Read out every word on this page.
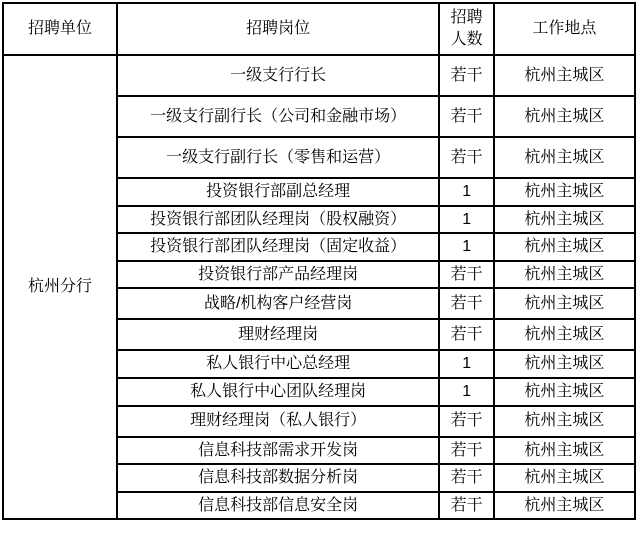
招聘单位	招聘岗位	招聘人数	工作地点
杭州分行	一级支行行长	若干	杭州主城区
	一级支行副行长（公司和金融市场）	若干	杭州主城区
	一级支行副行长（零售和运营）	若干	杭州主城区
	投资银行部副总经理	1	杭州主城区
	投资银行部团队经理岗（股权融资）	1	杭州主城区
	投资银行部团队经理岗（固定收益）	1	杭州主城区
	投资银行部产品经理岗	若干	杭州主城区
	战略/机构客户经营岗	若干	杭州主城区
	理财经理岗	若干	杭州主城区
	私人银行中心总经理	1	杭州主城区
	私人银行中心团队经理岗	1	杭州主城区
	理财经理岗（私人银行）	若干	杭州主城区
	信息科技部需求开发岗	若干	杭州主城区
	信息科技部数据分析岗	若干	杭州主城区
	信息科技部信息安全岗	若干	杭州主城区
